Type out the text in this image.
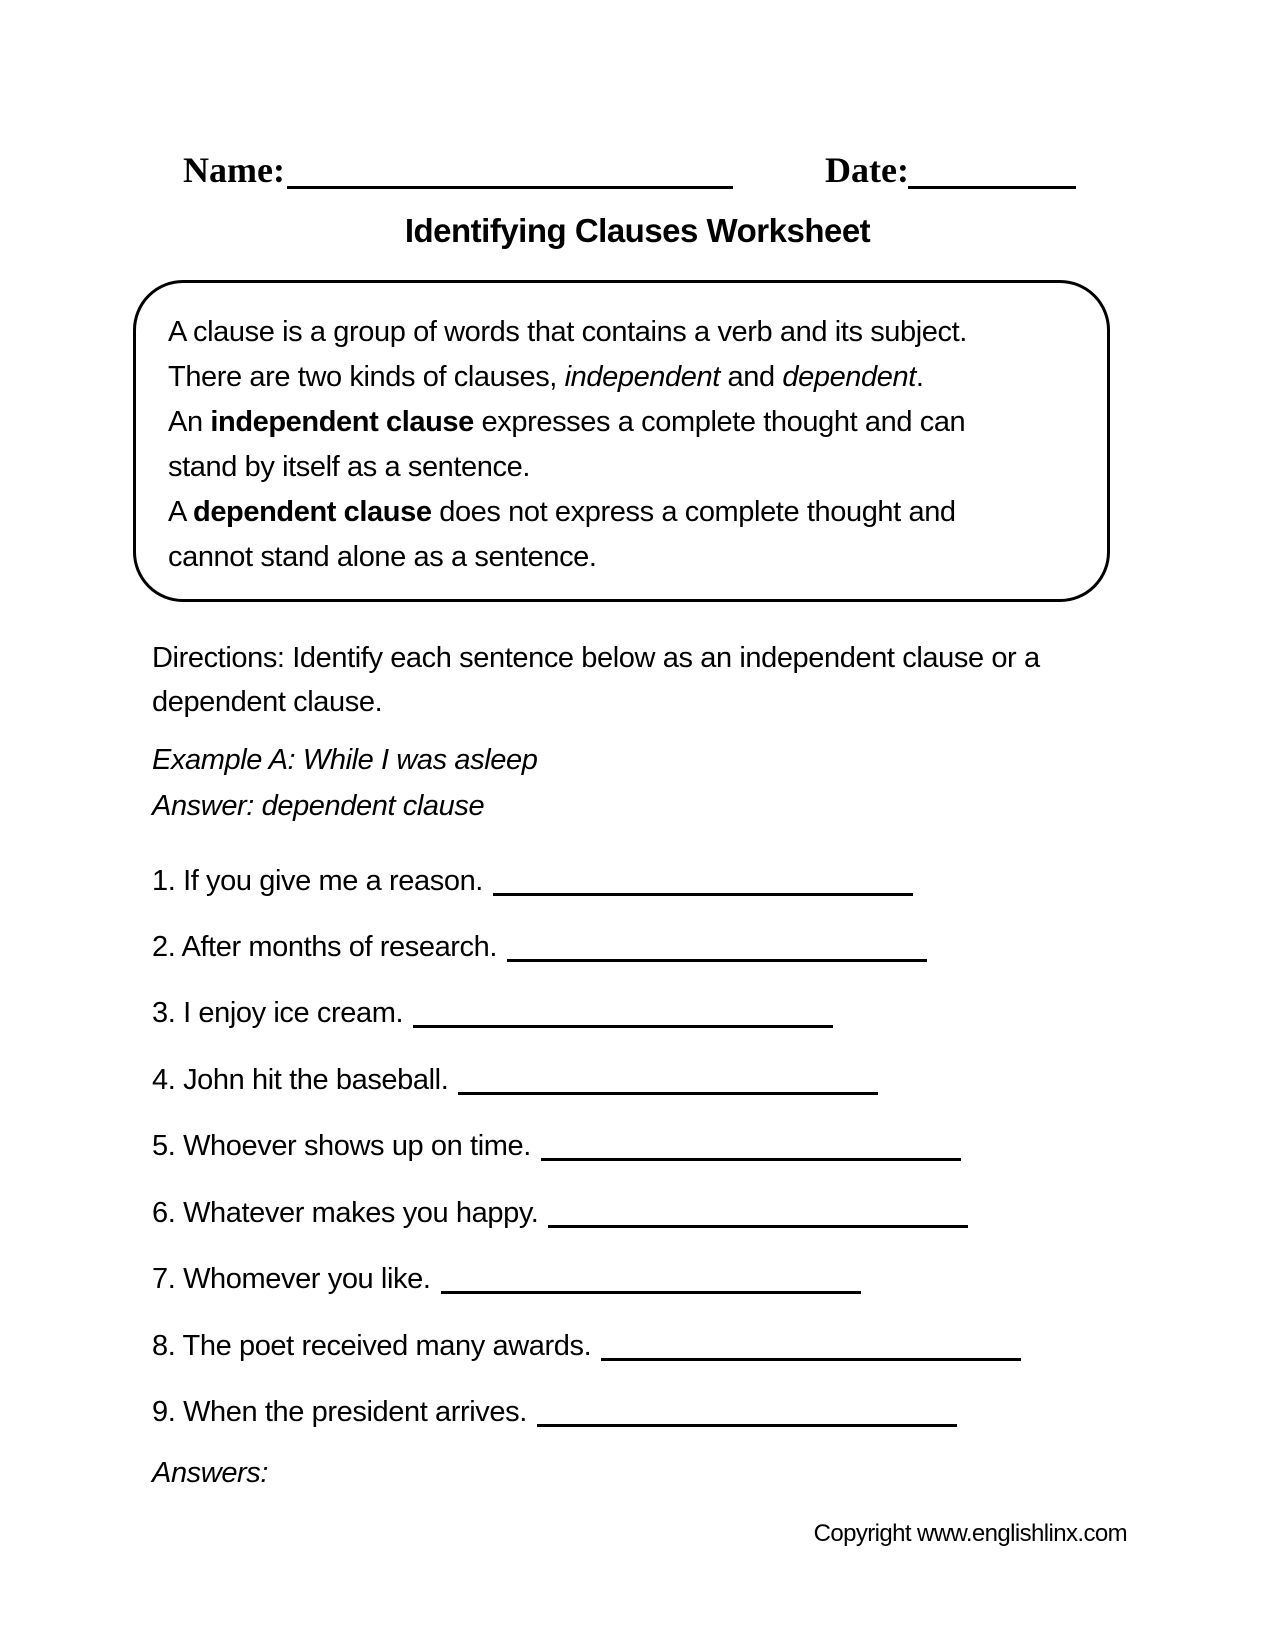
Name:	Date:
Identifying Clauses Worksheet
A clause is a group of words that contains a verb and its subject.
There are two kinds of clauses, independent and dependent.
An independent clause expresses a complete thought and can
stand by itself as a sentence.
A dependent clause does not express a complete thought and
cannot stand alone as a sentence.
Directions: Identify each sentence below as an independent clause or a
dependent clause.
Example A: While I was asleep
Answer: dependent clause
1. If you give me a reason.
2. After months of research.
3. I enjoy ice cream.
4. John hit the baseball.
5. Whoever shows up on time.
6. Whatever makes you happy.
7. Whomever you like.
8. The poet received many awards.
9. When the president arrives.
Answers:
Copyright www.englishlinx.com
